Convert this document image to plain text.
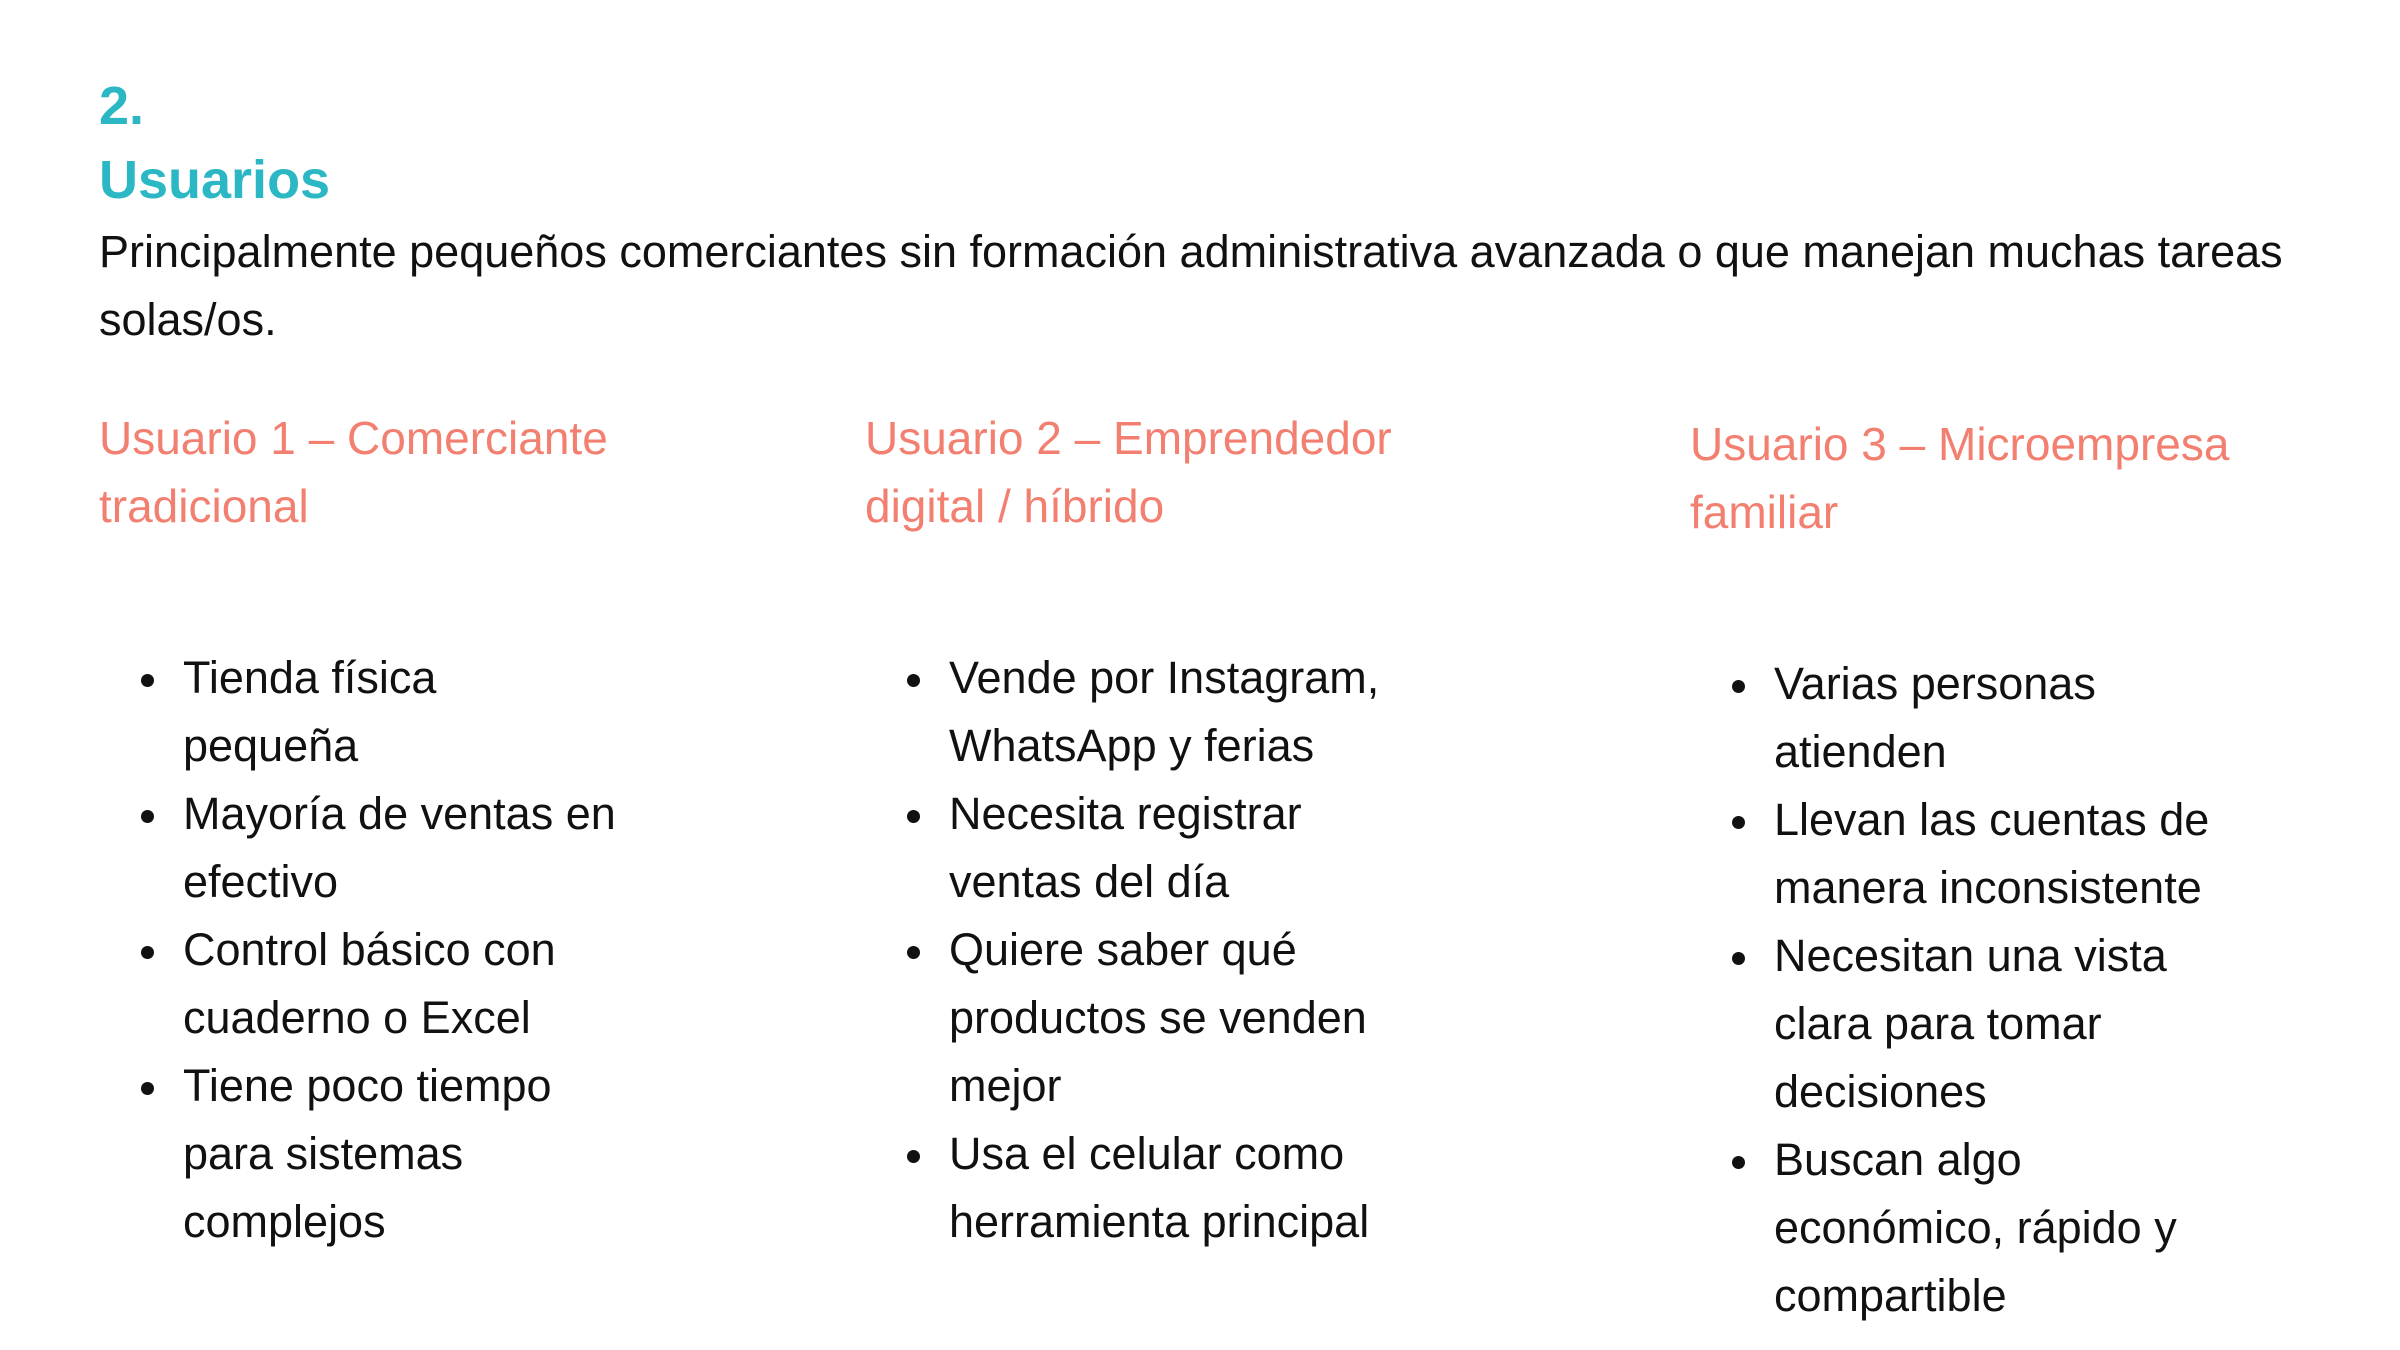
2.
Usuarios
Principalmente pequeños comerciantes sin formación administrativa avanzada o que manejan muchas tareas solas/os.
Usuario 1 – Comerciante tradicional
Tienda física pequeña
Mayoría de ventas en efectivo
Control básico con cuaderno o Excel
Tiene poco tiempo para sistemas complejos
Usuario 2 – Emprendedor digital / híbrido
Vende por Instagram, WhatsApp y ferias
Necesita registrar ventas del día
Quiere saber qué productos se venden mejor
Usa el celular como herramienta principal
Usuario 3 – Microempresa familiar
Varias personas atienden
Llevan las cuentas de manera inconsistente
Necesitan una vista clara para tomar decisiones
Buscan algo económico, rápido y compartible
